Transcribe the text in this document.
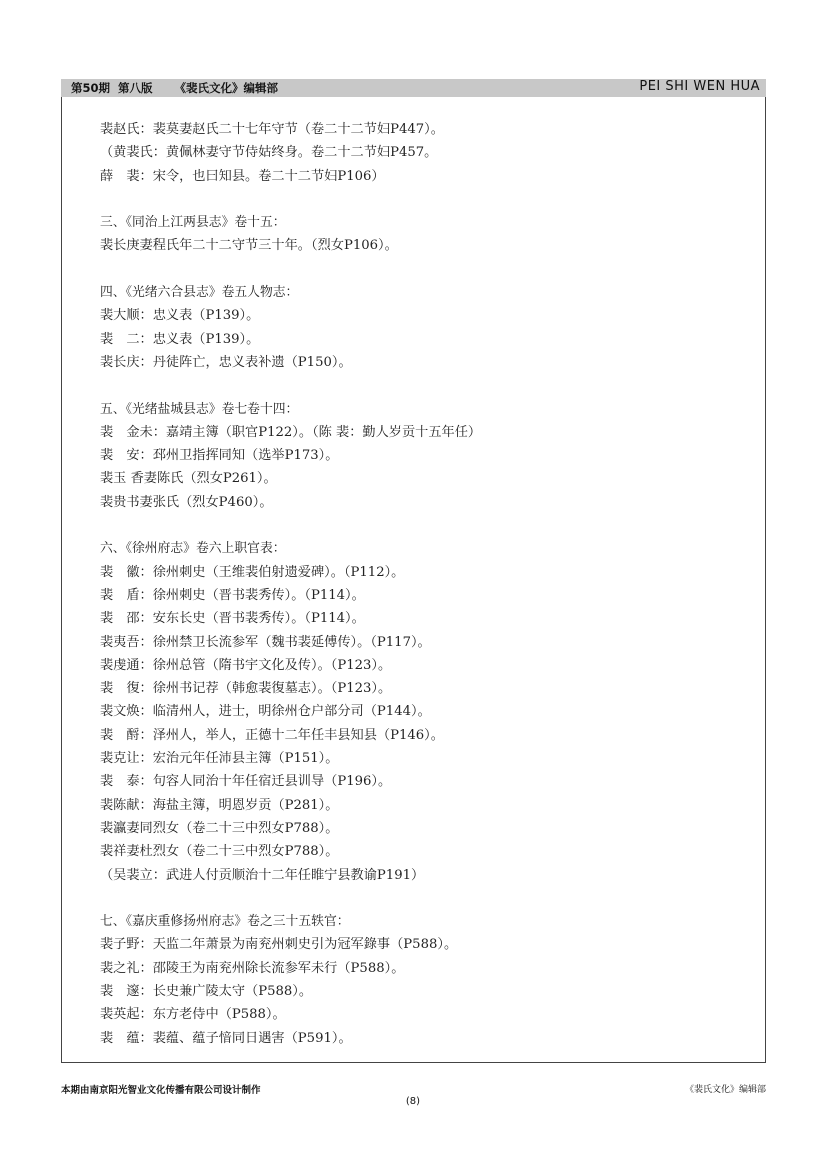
第50期 第八版 《裴氏文化》编辑部	PEI SHI WEN HUA
裴赵氏：裴莫妻赵氏二十七年守节（卷二十二节妇P447）。
（黄裴氏：黄佩林妻守节侍姑终身。卷二十二节妇P457。
薛　裴：宋令，也曰知县。卷二十二节妇P106）
三、《同治上江两县志》卷十五：
裴长庚妻程氏年二十二守节三十年。（烈女P106）。
四、《光绪六合县志》卷五人物志：
裴大顺：忠义表（P139）。
裴　二：忠义表（P139）。
裴长庆：丹徒阵亡，忠义表补遗（P150）。
五、《光绪盐城县志》卷七卷十四：
裴　金未：嘉靖主簿（职官P122）。（陈 裴：勤人岁贡十五年任）
裴　安：邳州卫指挥同知（选举P173）。
裴玉 香妻陈氏（烈女P261）。
裴贵书妻张氏（烈女P460）。
六、《徐州府志》卷六上职官表：
裴　徽：徐州刺史（王维裴伯射遗爱碑）。（P112）。
裴　盾：徐州刺史（晋书裴秀传）。（P114）。
裴　邵：安东长史（晋书裴秀传）。（P114）。
裴夷吾：徐州禁卫长流参军（魏书裴延傅传）。（P117）。
裴虔通：徐州总管（隋书宇文化及传）。（P123）。
裴　復：徐州书记荐（韩愈裴復墓志）。（P123）。
裴文焕：临清州人，进士，明徐州仓户部分司（P144）。
裴　酹：泽州人，举人，正德十二年任丰县知县（P146）。
裴克让：宏治元年任沛县主簿（P151）。
裴　泰：句容人同治十年任宿迁县训导（P196）。
裴陈献：海盐主簿，明恩岁贡（P281）。
裴瀛妻同烈女（卷二十三中烈女P788）。
裴祥妻杜烈女（卷二十三中烈女P788）。
（吴裴立：武进人付贡顺治十二年任睢宁县教谕P191）
七、《嘉庆重修扬州府志》卷之三十五轶官：
裴子野：天监二年萧景为南兖州刺史引为冠军錄事（P588）。
裴之礼：邵陵王为南兖州除长流参军未行（P588）。
裴　邃：长史兼广陵太守（P588）。
裴英起：东方老侍中（P588）。
裴　蕴：裴蕴、蕴子愔同日遇害（P591）。
本期由南京阳光智业文化传播有限公司设计制作	《裴氏文化》编辑部
(8)
